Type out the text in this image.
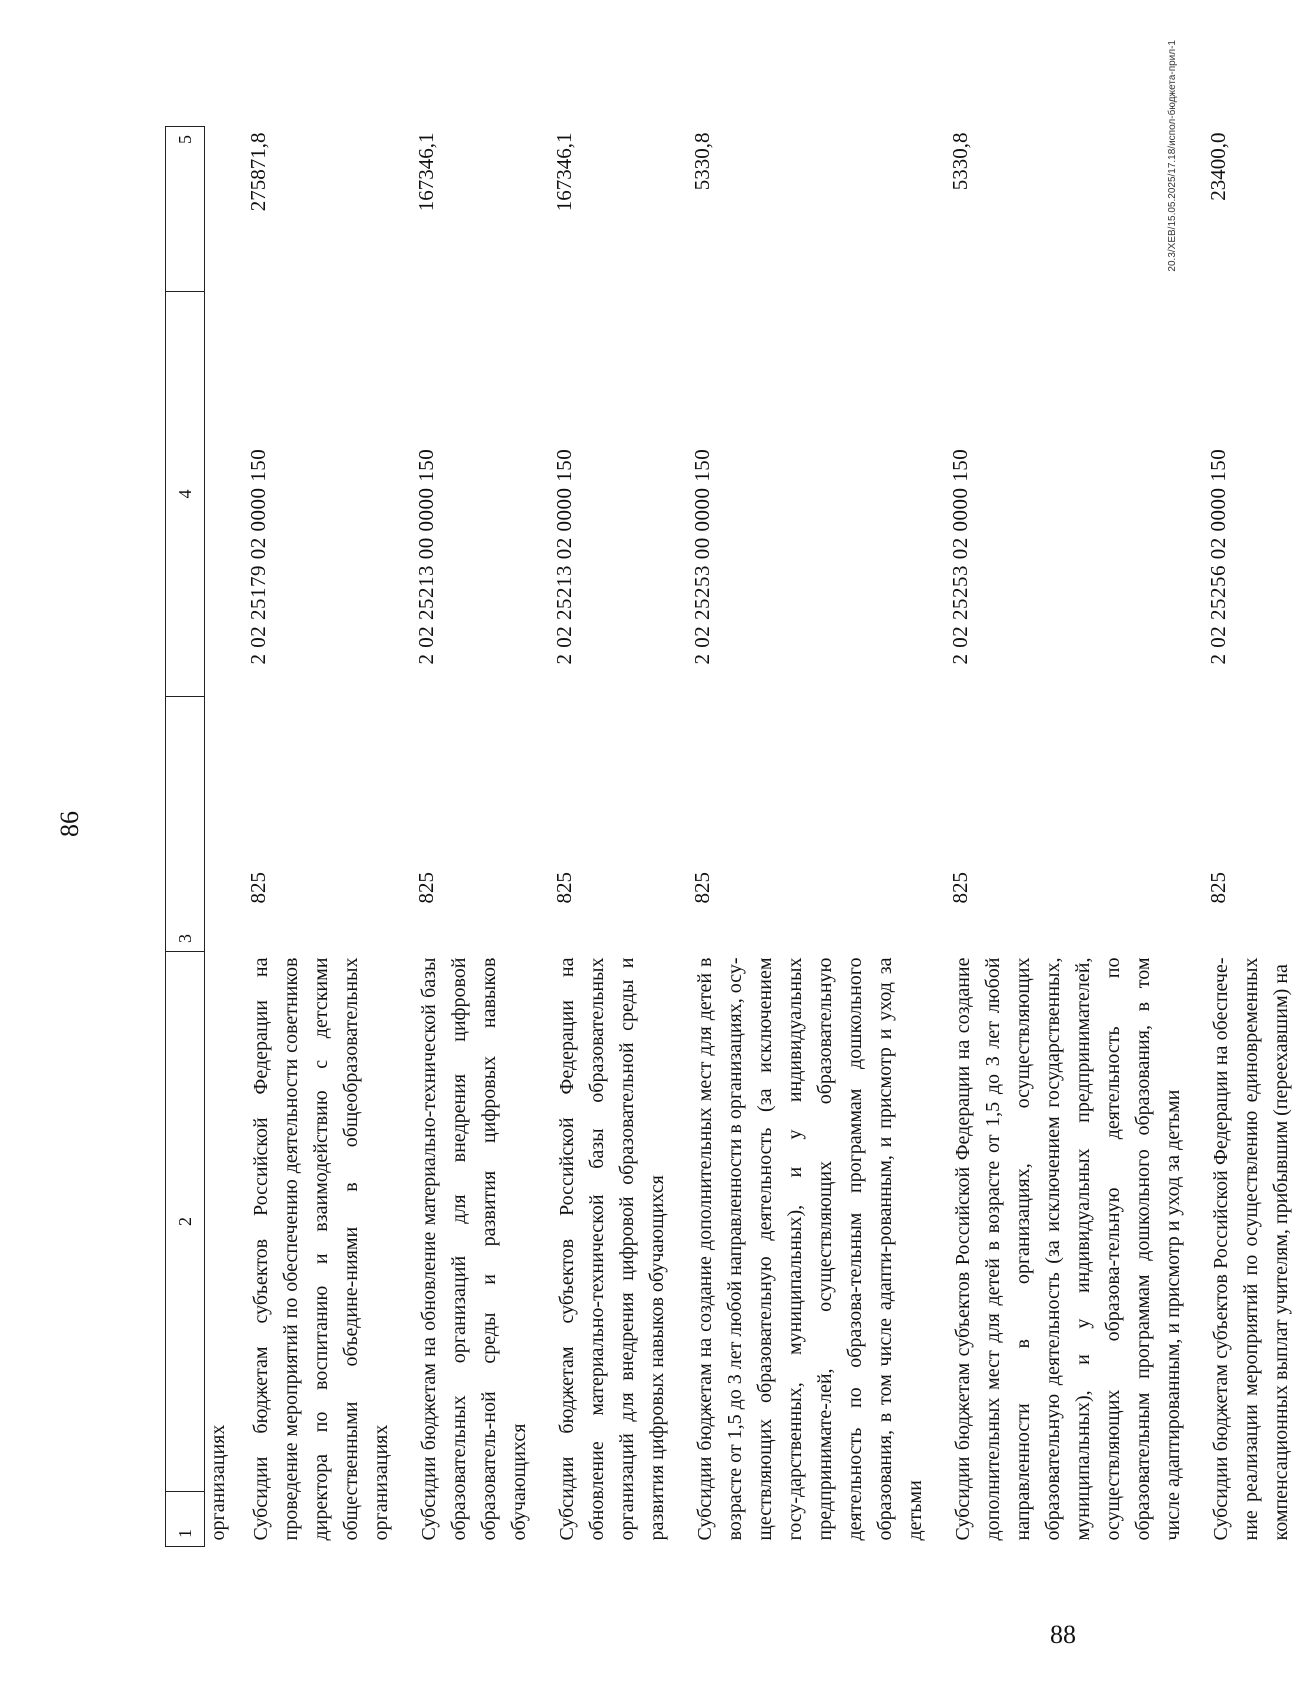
86
1	2	3	4	5
организациях				
Субсидии бюджетам субъектов Российской Федерации на проведение мероприятий по обеспечению деятельности советников директора по воспитанию и взаимодействию с детскими общественными объедине-ниями в общеобразовательных организациях		825	2 02 25179 02 0000 150	275871,8
Субсидии бюджетам на обновление материально-технической базы образовательных организаций для внедрения цифровой образователь-ной среды и развития цифровых навыков обучающихся		825	2 02 25213 00 0000 150	167346,1
Субсидии бюджетам субъектов Российской Федерации на обновление материально-технической базы образовательных организаций для внедрения цифровой образовательной среды и развития цифровых навыков обучающихся		825	2 02 25213 02 0000 150	167346,1
Субсидии бюджетам на создание дополнительных мест для детей в возрасте от 1,5 до 3 лет любой направленности в организациях, осу-ществляющих образовательную деятельность (за исключением госу-дарственных, муниципальных), и у индивидуальных предпринимате-лей, осуществляющих образовательную деятельность по образова-тельным программам дошкольного образования, в том числе адапти-рованным, и присмотр и уход за детьми		825	2 02 25253 00 0000 150	5330,8
Субсидии бюджетам субъектов Российской Федерации на создание дополнительных мест для детей в возрасте от 1,5 до 3 лет любой направленности в организациях, осуществляющих образовательную деятельность (за исключением государственных, муниципальных), и у индивидуальных предпринимателей, осуществляющих образова-тельную деятельность по образовательным программам дошкольного образования, в том числе адаптированным, и присмотр и уход за детьми		825	2 02 25253 02 0000 150	5330,8
Субсидии бюджетам субъектов Российской Федерации на обеспече-ние реализации мероприятий по осуществлению единовременных компенсационных выплат учителям, прибывшим (переехавшим) на		825	2 02 25256 02 0000 150	23400,0
20.3/XEB/15.05.2025/17.18/испол-бюджета-прил-1
88
